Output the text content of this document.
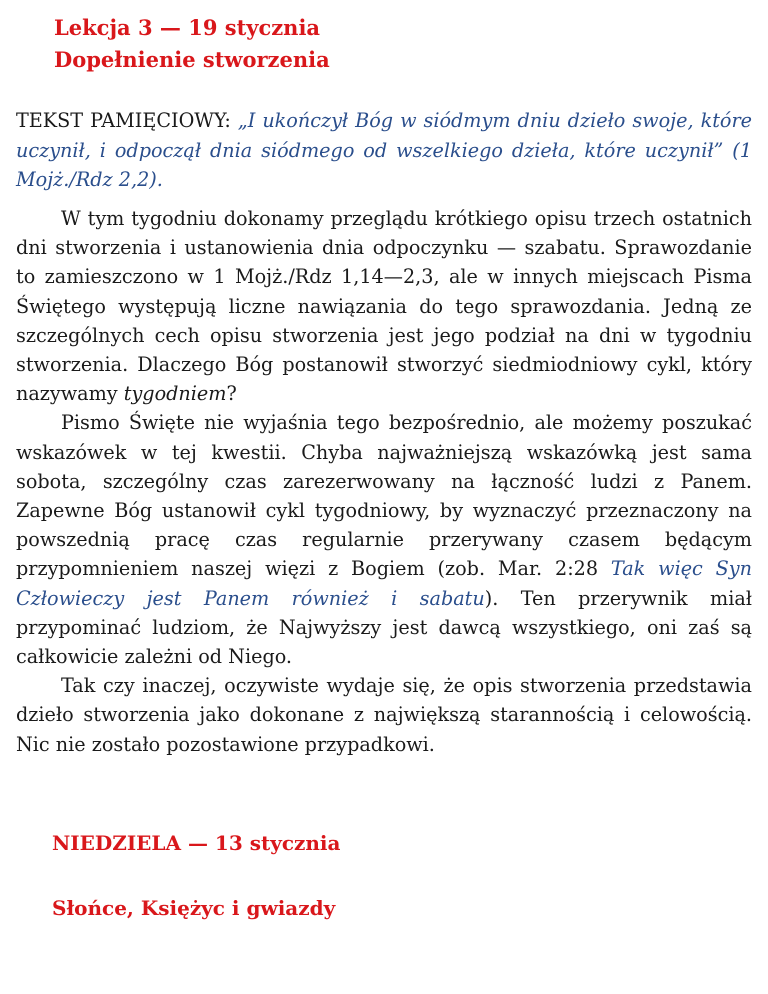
Lekcja 3 — 19 stycznia
Dopełnienie stworzenia
TEKST PAMIĘCIOWY: „I ukończył Bóg w siódmym dniu dzieło swoje, które uczynił, i odpoczął dnia siódmego od wszelkiego dzieła, które uczynił” (1 Mojż./Rdz 2,2).

W tym tygodniu dokonamy przeglądu krótkiego opisu trzech ostatnich dni stworzenia i ustanowienia dnia odpoczynku — szabatu. Sprawozdanie to zamieszczono w 1 Mojż./Rdz 1,14—2,3, ale w innych miejscach Pisma Świętego występują liczne nawiązania do tego sprawozdania. Jedną ze szczególnych cech opisu stworzenia jest jego podział na dni w tygodniu stworzenia. Dlaczego Bóg postanowił stworzyć siedmiodniowy cykl, który nazywamy tygodniem?

Pismo Święte nie wyjaśnia tego bezpośrednio, ale możemy poszukać wskazówek w tej kwestii. Chyba najważniejszą wskazówką jest sama sobota, szczególny czas zarezerwowany na łączność ludzi z Panem. Zapewne Bóg ustanowił cykl tygodniowy, by wyznaczyć przeznaczony na powszednią pracę czas regularnie przerywany czasem będącym przypomnieniem naszej więzi z Bogiem (zob. Mar. 2:28 Tak więc Syn Człowieczy jest Panem również i sabatu). Ten przerywnik miał przypominać ludziom, że Najwyższy jest dawcą wszystkiego, oni zaś są całkowicie zależni od Niego.

Tak czy inaczej, oczywiste wydaje się, że opis stworzenia przedstawia dzieło stworzenia jako dokonane z największą starannością i celowością. Nic nie zostało pozostawione przypadkowi.

NIEDZIELA — 13 stycznia
Słońce, Księżyc i gwiazdy
